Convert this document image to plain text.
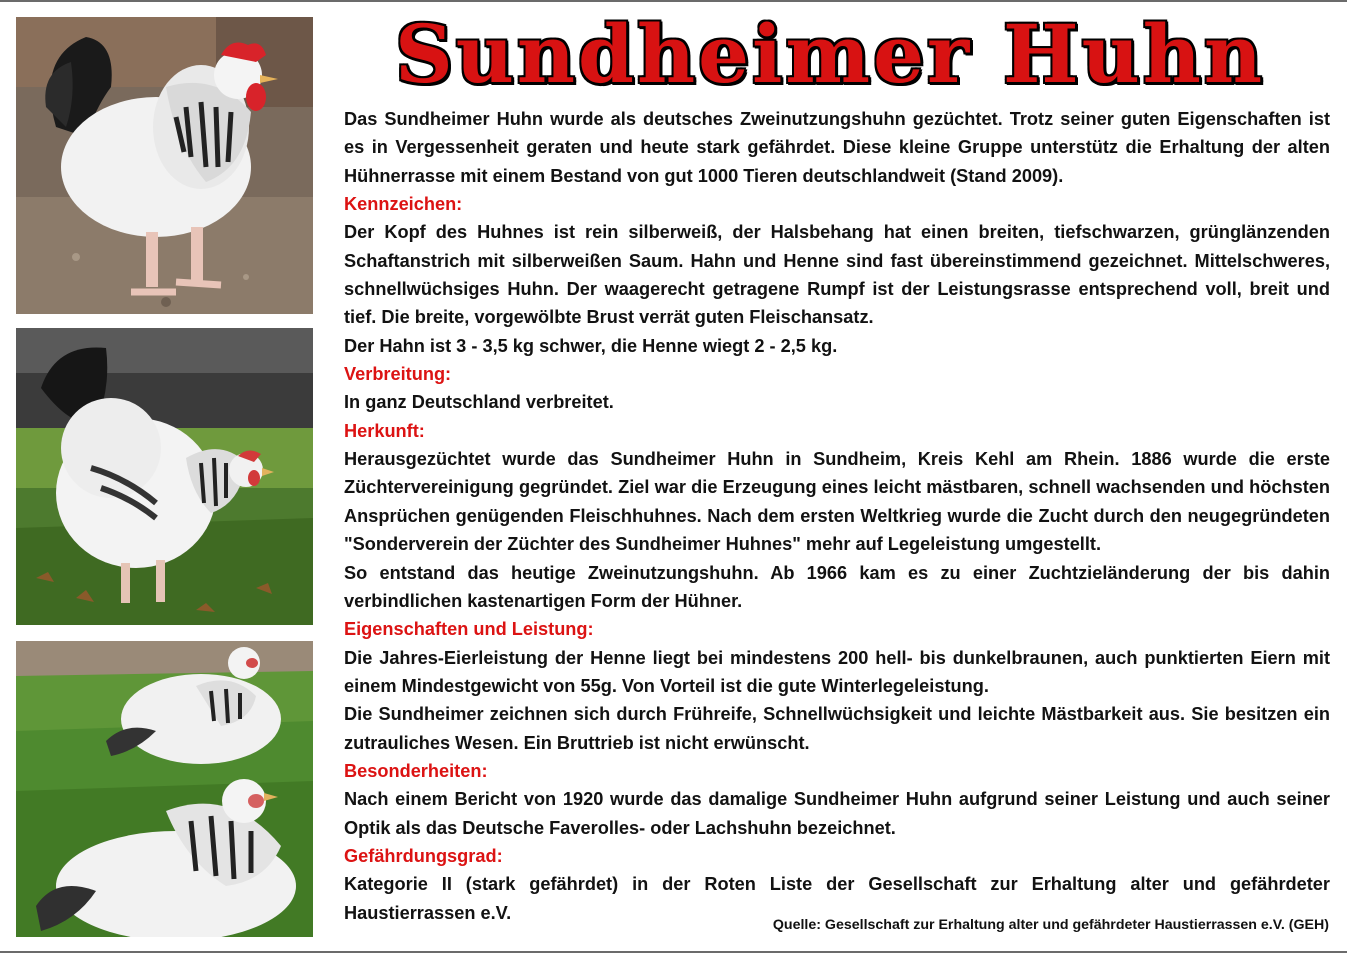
Sundheimer Huhn

Das Sundheimer Huhn wurde als deutsches Zweinutzungshuhn gezüchtet. Trotz seiner guten Eigenschaften ist es in Vergessenheit geraten und heute stark gefährdet. Diese kleine Gruppe unterstütz die Erhaltung der alten Hühnerrasse mit einem Bestand von gut 1000 Tieren deutschlandweit (Stand 2009).

Kennzeichen:

Der Kopf des Huhnes ist rein silberweiß, der Halsbehang hat einen breiten, tiefschwarzen, grünglänzenden Schaftanstrich mit silberweißen Saum. Hahn und Henne sind fast übereinstimmend gezeichnet. Mittelschweres, schnellwüchsiges Huhn. Der waagerecht getragene Rumpf ist der Leistungsrasse entsprechend voll, breit und tief. Die breite, vorgewölbte Brust verrät guten Fleischansatz.

Der Hahn ist 3 - 3,5 kg schwer, die Henne wiegt 2 - 2,5 kg.

Verbreitung:

In ganz Deutschland verbreitet.

Herkunft:

Herausgezüchtet wurde das Sundheimer Huhn in Sundheim, Kreis Kehl am Rhein. 1886 wurde die erste Züchtervereinigung gegründet. Ziel war die Erzeugung eines leicht mästbaren, schnell wachsenden und höchsten Ansprüchen genügenden Fleischhuhnes. Nach dem ersten Weltkrieg wurde die Zucht durch den neugegründeten "Sonderverein der Züchter des Sundheimer Huhnes" mehr auf Legeleistung umgestellt.

So entstand das heutige Zweinutzungshuhn. Ab 1966 kam es zu einer Zuchtzieländerung der bis dahin verbindlichen kastenartigen Form der Hühner.

Eigenschaften und Leistung:

Die Jahres-Eierleistung der Henne liegt bei mindestens 200 hell- bis dunkelbraunen, auch punktierten Eiern mit einem Mindestgewicht von 55g. Von Vorteil ist die gute Winterlegeleistung.

Die Sundheimer zeichnen sich durch Frühreife, Schnellwüchsigkeit und leichte Mästbarkeit aus. Sie besitzen ein zutrauliches Wesen. Ein Bruttrieb ist nicht erwünscht.

Besonderheiten:

Nach einem Bericht von 1920 wurde das damalige Sundheimer Huhn aufgrund seiner Leistung und auch seiner Optik als das Deutsche Faverolles- oder Lachshuhn bezeichnet.

Gefährdungsgrad:

Kategorie II (stark gefährdet) in der Roten Liste der Gesellschaft zur Erhaltung alter und gefährdeter Haustierrassen e.V.

Quelle: Gesellschaft zur Erhaltung alter und gefährdeter Haustierrassen e.V. (GEH)
